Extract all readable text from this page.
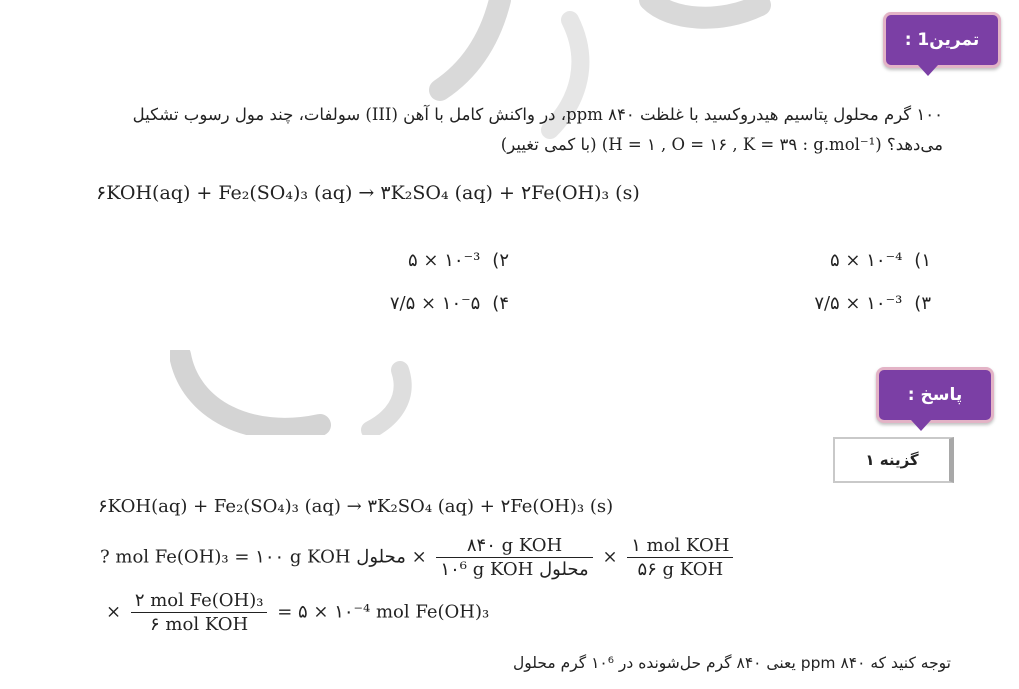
تمرین1 :
۱۰۰ گرم محلول پتاسیم هیدروکسید با غلظت ۸۴۰ ppm، در واکنش کامل با آهن (III) سولفات، چند مول رسوب تشکیل
می‌دهد؟ (H = ۱ , O = ۱۶ , K = ۳۹ : g.mol⁻¹) (با کمی تغییر)
۶KOH(aq) + Fe₂(SO₄)₃ (aq) → ۳K₂SO₄ (aq) + ۲Fe(OH)₃ (s)
۱)۵ × ۱۰⁻⁴
۲)۵ × ۱۰⁻³
۳)۷/۵ × ۱۰⁻³
۴)۷/۵ × ۱۰⁻۵
پاسخ :
گزینه ۱
۶KOH(aq) + Fe₂(SO₄)₃ (aq) → ۳K₂SO₄ (aq) + ۲Fe(OH)₃ (s)
? mol Fe(OH)₃ = ۱۰۰ g KOH محلول × $\frac{\text{۸۴۰ g KOH}}{\text{۱۰⁶ g KOH محلول}} \times \frac{\text{۱ mol KOH}}{\text{۵۶ g KOH}}$
× $\frac{\text{۲ mol Fe(OH)₃}}{\text{۶ mol KOH}}$ = ۵ × ۱۰⁻⁴ mol Fe(OH)₃
توجه کنید که ۸۴۰ ppm یعنی ۸۴۰ گرم حل‌شونده در ۱۰⁶ گرم محلول
